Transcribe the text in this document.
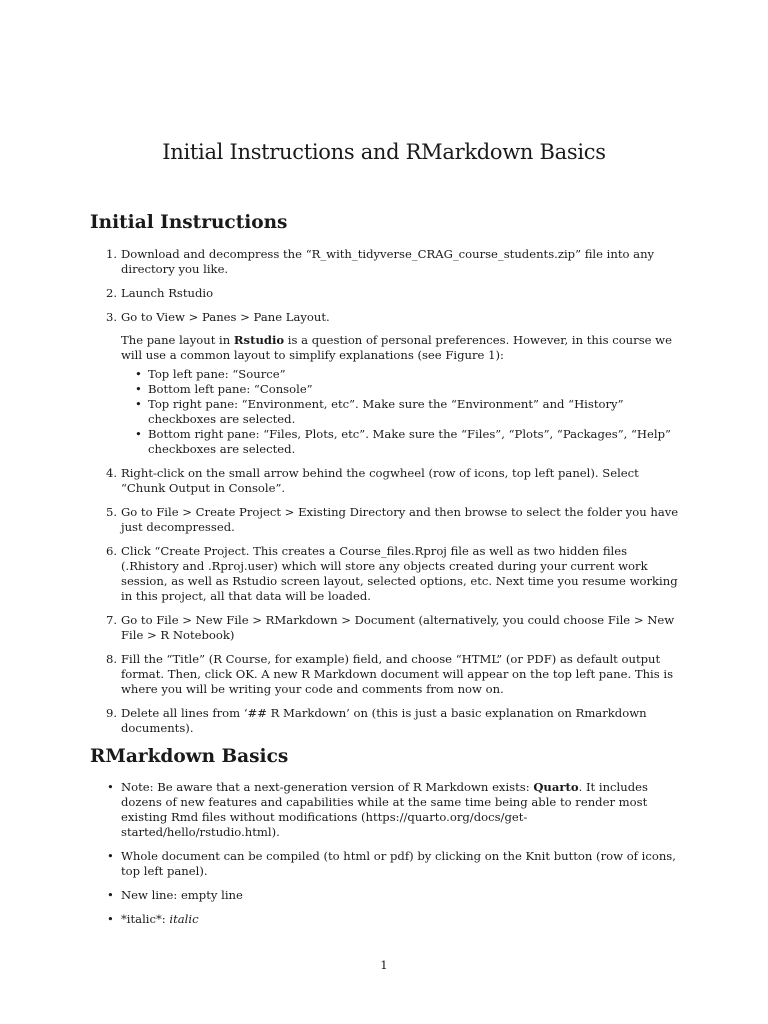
Initial Instructions and RMarkdown Basics
Initial Instructions
1. Download and decompress the “R_with_tidyverse_CRAG_course_students.zip” file into any directory you like.
2. Launch Rstudio
3. Go to View > Panes > Pane Layout.
The pane layout in Rstudio is a question of personal preferences. However, in this course we will use a common layout to simplify explanations (see Figure 1):
• Top left pane: “Source”
• Bottom left pane: “Console”
• Top right pane: “Environment, etc”. Make sure the “Environment” and “History” checkboxes are selected.
• Bottom right pane: “Files, Plots, etc”. Make sure the “Files”, “Plots”, “Packages”, “Help” checkboxes are selected.
4. Right-click on the small arrow behind the cogwheel (row of icons, top left panel). Select “Chunk Output in Console”.
5. Go to File > Create Project > Existing Directory and then browse to select the folder you have just decompressed.
6. Click “Create Project. This creates a Course_files.Rproj file as well as two hidden files (.Rhistory and .Rproj.user) which will store any objects created during your current work session, as well as Rstudio screen layout, selected options, etc. Next time you resume working in this project, all that data will be loaded.
7. Go to File > New File > RMarkdown > Document (alternatively, you could choose File > New File > R Notebook)
8. Fill the “Title” (R Course, for example) field, and choose “HTML” (or PDF) as default output format. Then, click OK. A new R Markdown document will appear on the top left pane. This is where you will be writing your code and comments from now on.
9. Delete all lines from ‘## R Markdown’ on (this is just a basic explanation on Rmarkdown documents).
RMarkdown Basics
• Note: Be aware that a next-generation version of R Markdown exists: Quarto. It includes dozens of new features and capabilities while at the same time being able to render most existing Rmd files without modifications (https://quarto.org/docs/get-started/hello/rstudio.html).
• Whole document can be compiled (to html or pdf) by clicking on the Knit button (row of icons, top left panel).
• New line: empty line
• *italic*: italic
1
